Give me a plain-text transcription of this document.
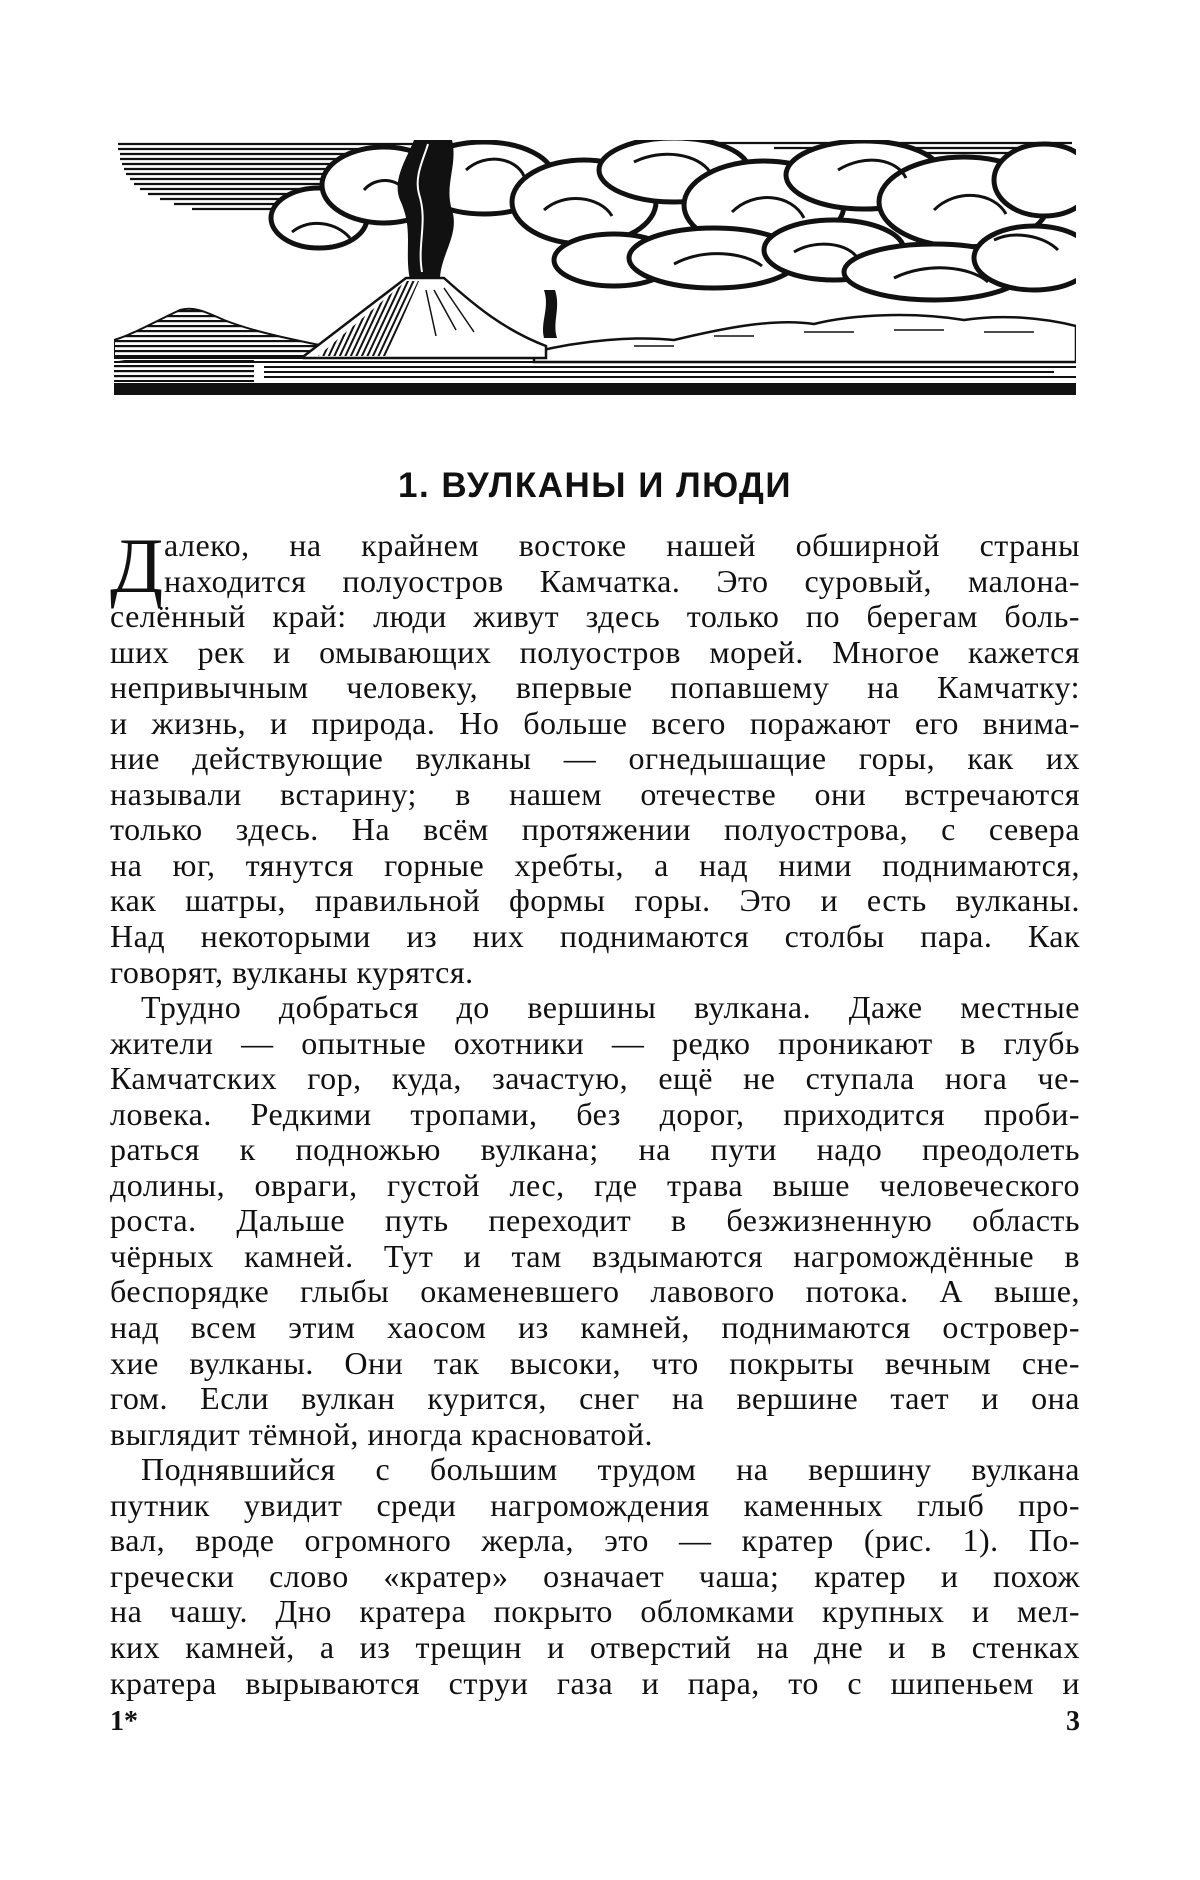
1. ВУЛКАНЫ И ЛЮДИ
Д алеко, на крайнем востоке нашей обширной страны
находится полуостров Камчатка. Это суровый, малона-
селённый край: люди живут здесь только по берегам боль-
ших рек и омывающих полуостров морей. Многое кажется
непривычным человеку, впервые попавшему на Камчатку:
и жизнь, и природа. Но больше всего поражают его внима-
ние действующие вулканы — огнедышащие горы, как их
называли встарину; в нашем отечестве они встречаются
только здесь. На всём протяжении полуострова, с севера
на юг, тянутся горные хребты, а над ними поднимаются,
как шатры, правильной формы горы. Это и есть вулканы.
Над некоторыми из них поднимаются столбы пара. Как
говорят, вулканы курятся.
Трудно добраться до вершины вулкана. Даже местные
жители — опытные охотники — редко проникают в глубь
Камчатских гор, куда, зачастую, ещё не ступала нога че-
ловека. Редкими тропами, без дорог, приходится проби-
раться к подножью вулкана; на пути надо преодолеть
долины, овраги, густой лес, где трава выше человеческого
роста. Дальше путь переходит в безжизненную область
чёрных камней. Тут и там вздымаются нагромождённые в
беспорядке глыбы окаменевшего лавового потока. А выше,
над всем этим хаосом из камней, поднимаются островер-
хие вулканы. Они так высоки, что покрыты вечным сне-
гом. Если вулкан курится, снег на вершине тает и она
выглядит тёмной, иногда красноватой.
Поднявшийся с большим трудом на вершину вулкана
путник увидит среди нагромождения каменных глыб про-
вал, вроде огромного жерла, это — кратер (рис. 1). По-
гречески слово «кратер» означает чаша; кратер и похож
на чашу. Дно кратера покрыто обломками крупных и мел-
ких камней, а из трещин и отверстий на дне и в стенках
кратера вырываются струи газа и пара, то с шипеньем и
1*	3
